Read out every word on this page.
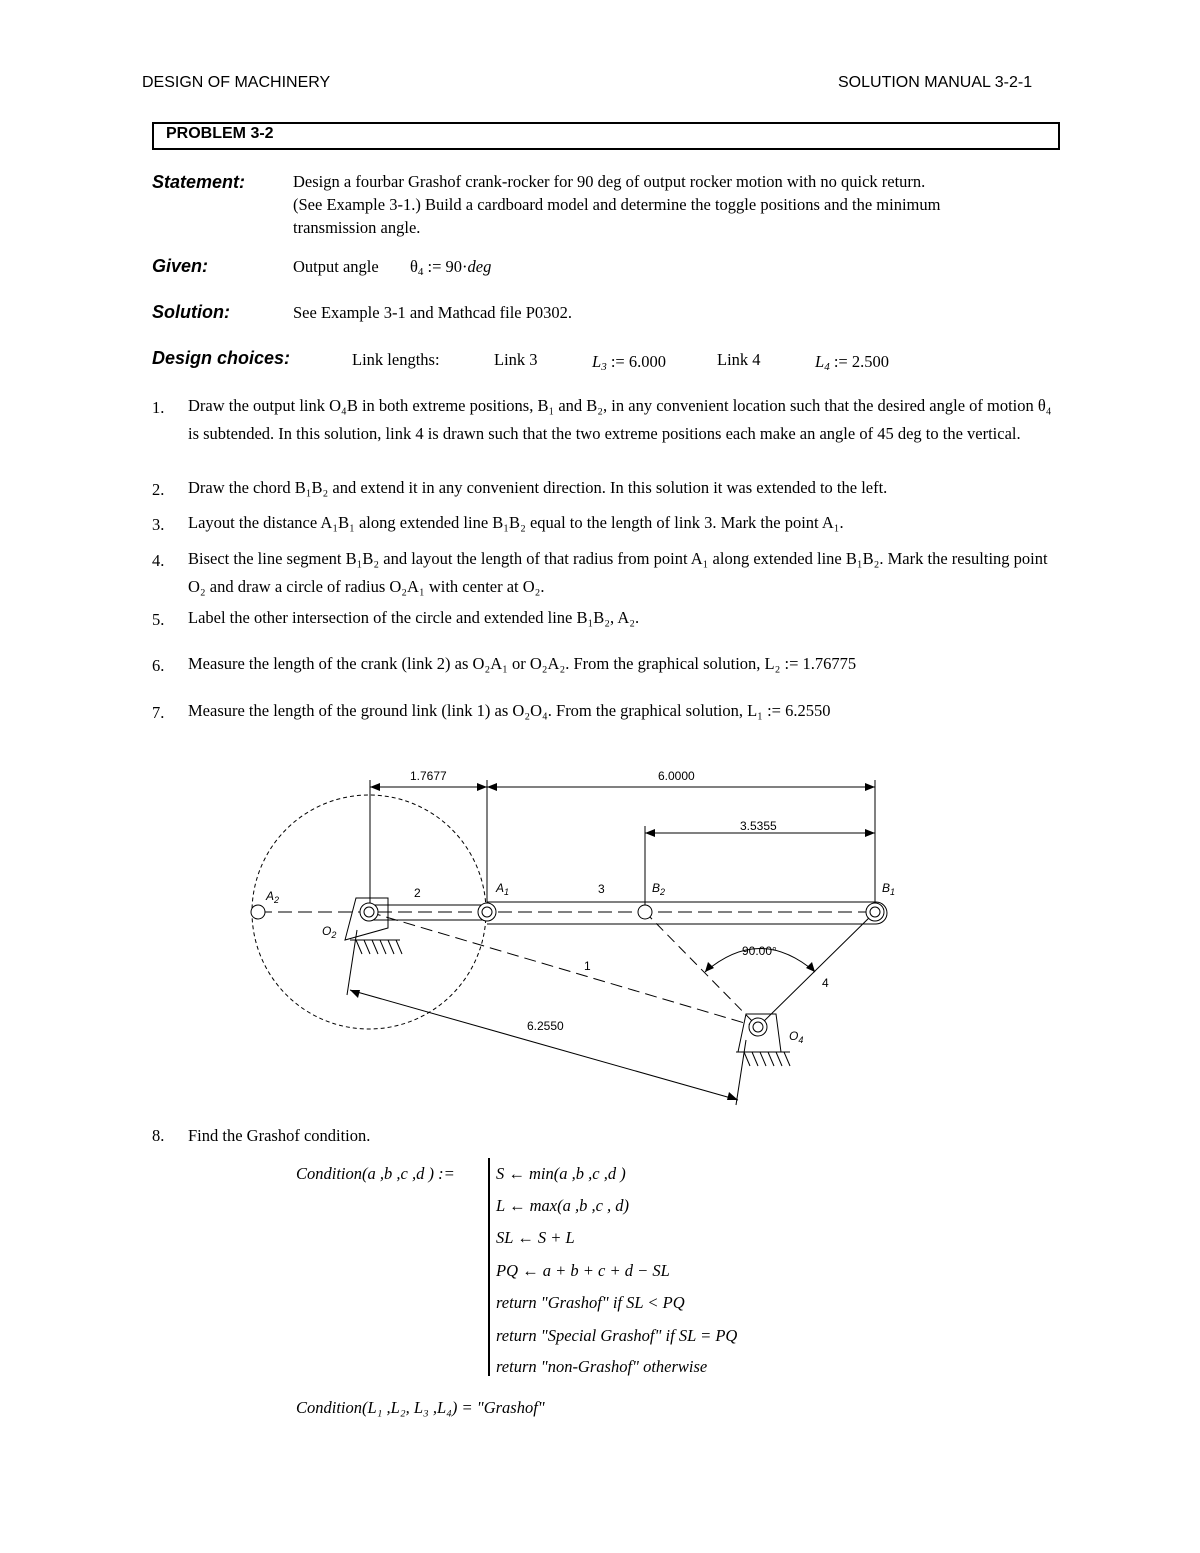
DESIGN OF MACHINERY	SOLUTION MANUAL 3-2-1
PROBLEM 3-2
Statement:	Design a fourbar Grashof crank-rocker for 90 deg of output rocker motion with no quick return.
(See Example 3-1.) Build a cardboard model and determine the toggle positions and the minimum
transmission angle.
Given:	Output angle $\theta_4$ := 90·deg
Solution:	See Example 3-1 and Mathcad file P0302.
Design choices:	Link lengths:	Link 3	$L_3$ := 6.000	Link 4	$L_4$ := 2.500
1. Draw the output link O₄B in both extreme positions, B₁ and B₂, in any convenient location such that the desired angle of motion θ₄ is subtended. In this solution, link 4 is drawn such that the two extreme positions each make an angle of 45 deg to the vertical.
2. Draw the chord B₁B₂ and extend it in any convenient direction. In this solution it was extended to the left.
3. Layout the distance A₁B₁ along extended line B₁B₂ equal to the length of link 3. Mark the point A₁.
4. Bisect the line segment B₁B₂ and layout the length of that radius from point A₁ along extended line B₁B₂. Mark the resulting point O₂ and draw a circle of radius O₂A₁ with center at O₂.
5. Label the other intersection of the circle and extended line B₁B₂, A₂.
6. Measure the length of the crank (link 2) as O₂A₁ or O₂A₂. From the graphical solution, L₂ := 1.76775
7. Measure the length of the ground link (link 1) as O₂O₄. From the graphical solution, L₁ := 6.2550
1.7677	6.0000
3.5355
6.2550
90.00°
2	3
4
1
$A_2$
$A_1$	$B_2$	$B_1$
$O_2$
$O_4$
8. Find the Grashof condition.
Condition(a ,b ,c ,d ) :=	S ← min(a ,b ,c ,d )
L ← max(a ,b ,c , d)
SL ← S + L
PQ ← a + b + c + d − SL
return "Grashof" if SL < PQ
return "Special Grashof" if SL = PQ
return "non-Grashof" otherwise
Condition(L₁ ,L₂, L₃ ,L₄) = "Grashof"
